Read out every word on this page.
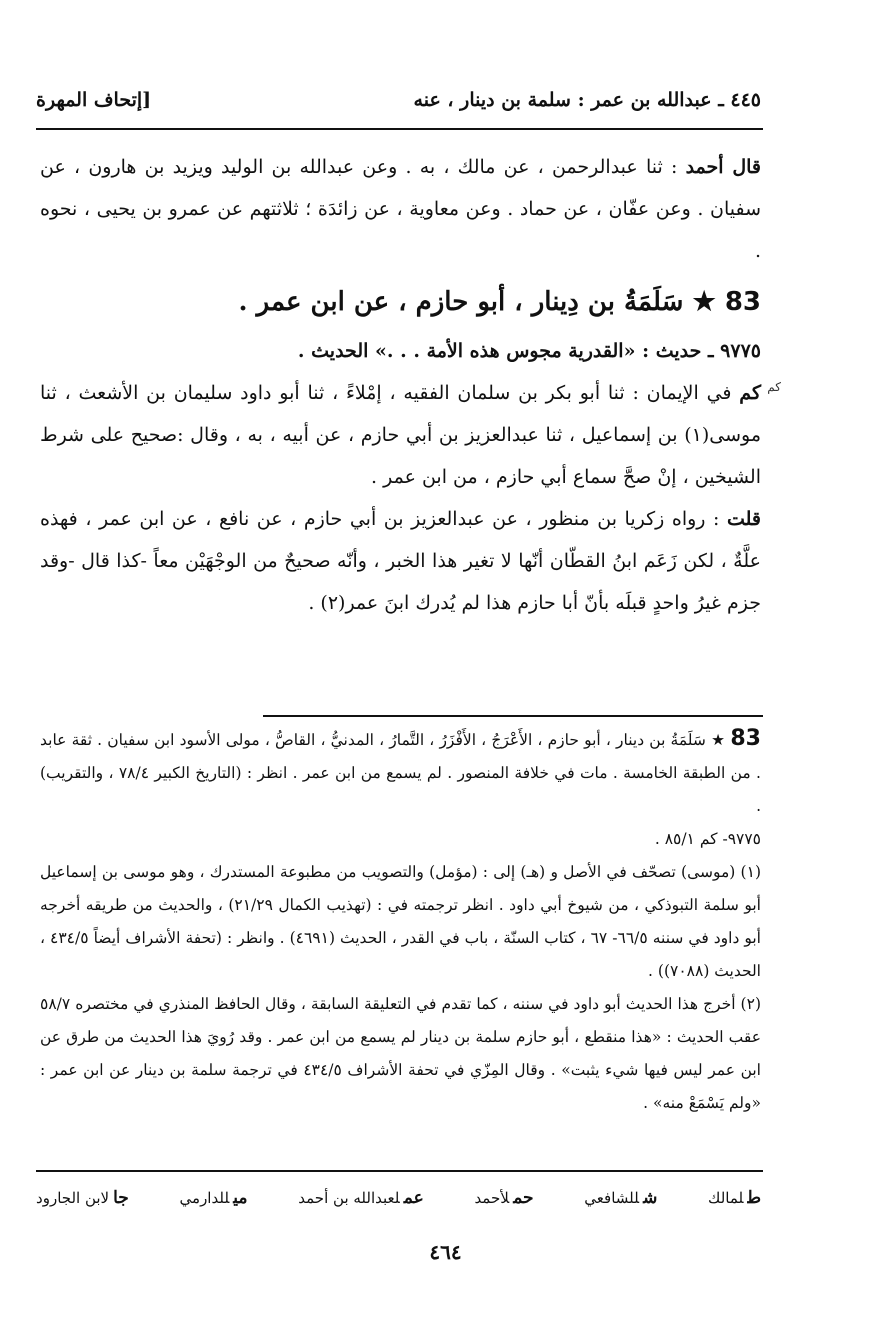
٤٤٥ ـ عبدالله بن عمر : سلمة بن دينار ، عنه
[إتحاف المهرة

قال أحمد : ثنا عبدالرحمن ، عن مالك ، به . وعن عبدالله بن الوليد ويزيد بن هارون ، عن سفيان . وعن عفّان ، عن حماد . وعن معاوية ، عن زائدَة ؛ ثلاثتهم عن عمرو بن يحيى ، نحوه .

83 ★ سَلَمَةُ بن دِينار ، أبو حازم ، عن ابن عمر .

٩٧٧٥ ـ حديث : «القدرية مجوس هذه الأمة . . .» الحديث .

كم في الإيمان : ثنا أبو بكر بن سلمان الفقيه ، إمْلاءً ، ثنا أبو داود سليمان بن الأشعث ، ثنا موسى(١) بن إسماعيل ، ثنا عبدالعزيز بن أبي حازم ، عن أبيه ، به ، وقال :صحيح على شرط الشيخين ، إنْ صحَّ سماع أبي حازم ، من ابن عمر .

قلت : رواه زكريا بن منظور ، عن عبدالعزيز بن أبي حازم ، عن نافع ، عن ابن عمر ، فهذه علَّةٌ ، لكن زَعَم ابنُ القطّان أنّها لا تغير هذا الخبر ، وأنّه صحيحٌ من الوجْهَيْن معاً -كذا قال -وقد جزم غيرُ واحدٍ قبلَه بأنّ أبا حازم هذا لم يُدرك ابنَ عمر(٢) .

كم

83 ★ سَلَمَةُ بن دينار ، أبو حازم ، الأَعْرَجُ ، الأَفْزَرُ ، التَّمارُ ، المدنيُّ ، القاصُّ ، مولى الأسود ابن سفيان . ثقة عابد . من الطبقة الخامسة . مات في خلافة المنصور . لم يسمع من ابن عمر . انظر : (التاريخ الكبير ٧٨/٤ ، والتقريب) .

٩٧٧٥- كم ٨٥/١ .

(١) (موسى) تصحّف في الأصل و (هـ) إلى : (مؤمل) والتصويب من مطبوعة المستدرك ، وهو موسى بن إسماعيل أبو سلمة التبوذكي ، من شيوخ أبي داود . انظر ترجمته في : (تهذيب الكمال ٢١/٢٩) ، والحديث من طريقه أخرجه أبو داود في سننه ٦٦/٥- ٦٧ ، كتاب السنّة ، باب في القدر ، الحديث (٤٦٩١) . وانظر : (تحفة الأشراف أيضاً ٤٣٤/٥ ، الحديث (٧٠٨٨)) .

(٢) أخرج هذا الحديث أبو داود في سننه ، كما تقدم في التعليقة السابقة ، وقال الحافظ المنذري في مختصره ٥٨/٧ عقب الحديث : «هذا منقطع ، أبو حازم سلمة بن دينار لم يسمع من ابن عمر . وقد رُويَ هذا الحديث من طرق عن ابن عمر ليس فيها شيء يثبت» . وقال المِزّي في تحفة الأشراف ٤٣٤/٥ في ترجمة سلمة بن دينار عن ابن عمر : «ولم يَسْمَعْ منه» .

طلمالك
شللشافعي
حملأحمد
عملعبدالله بن أحمد
ميللدارمي
جالابن الجارود
٤٦٤
